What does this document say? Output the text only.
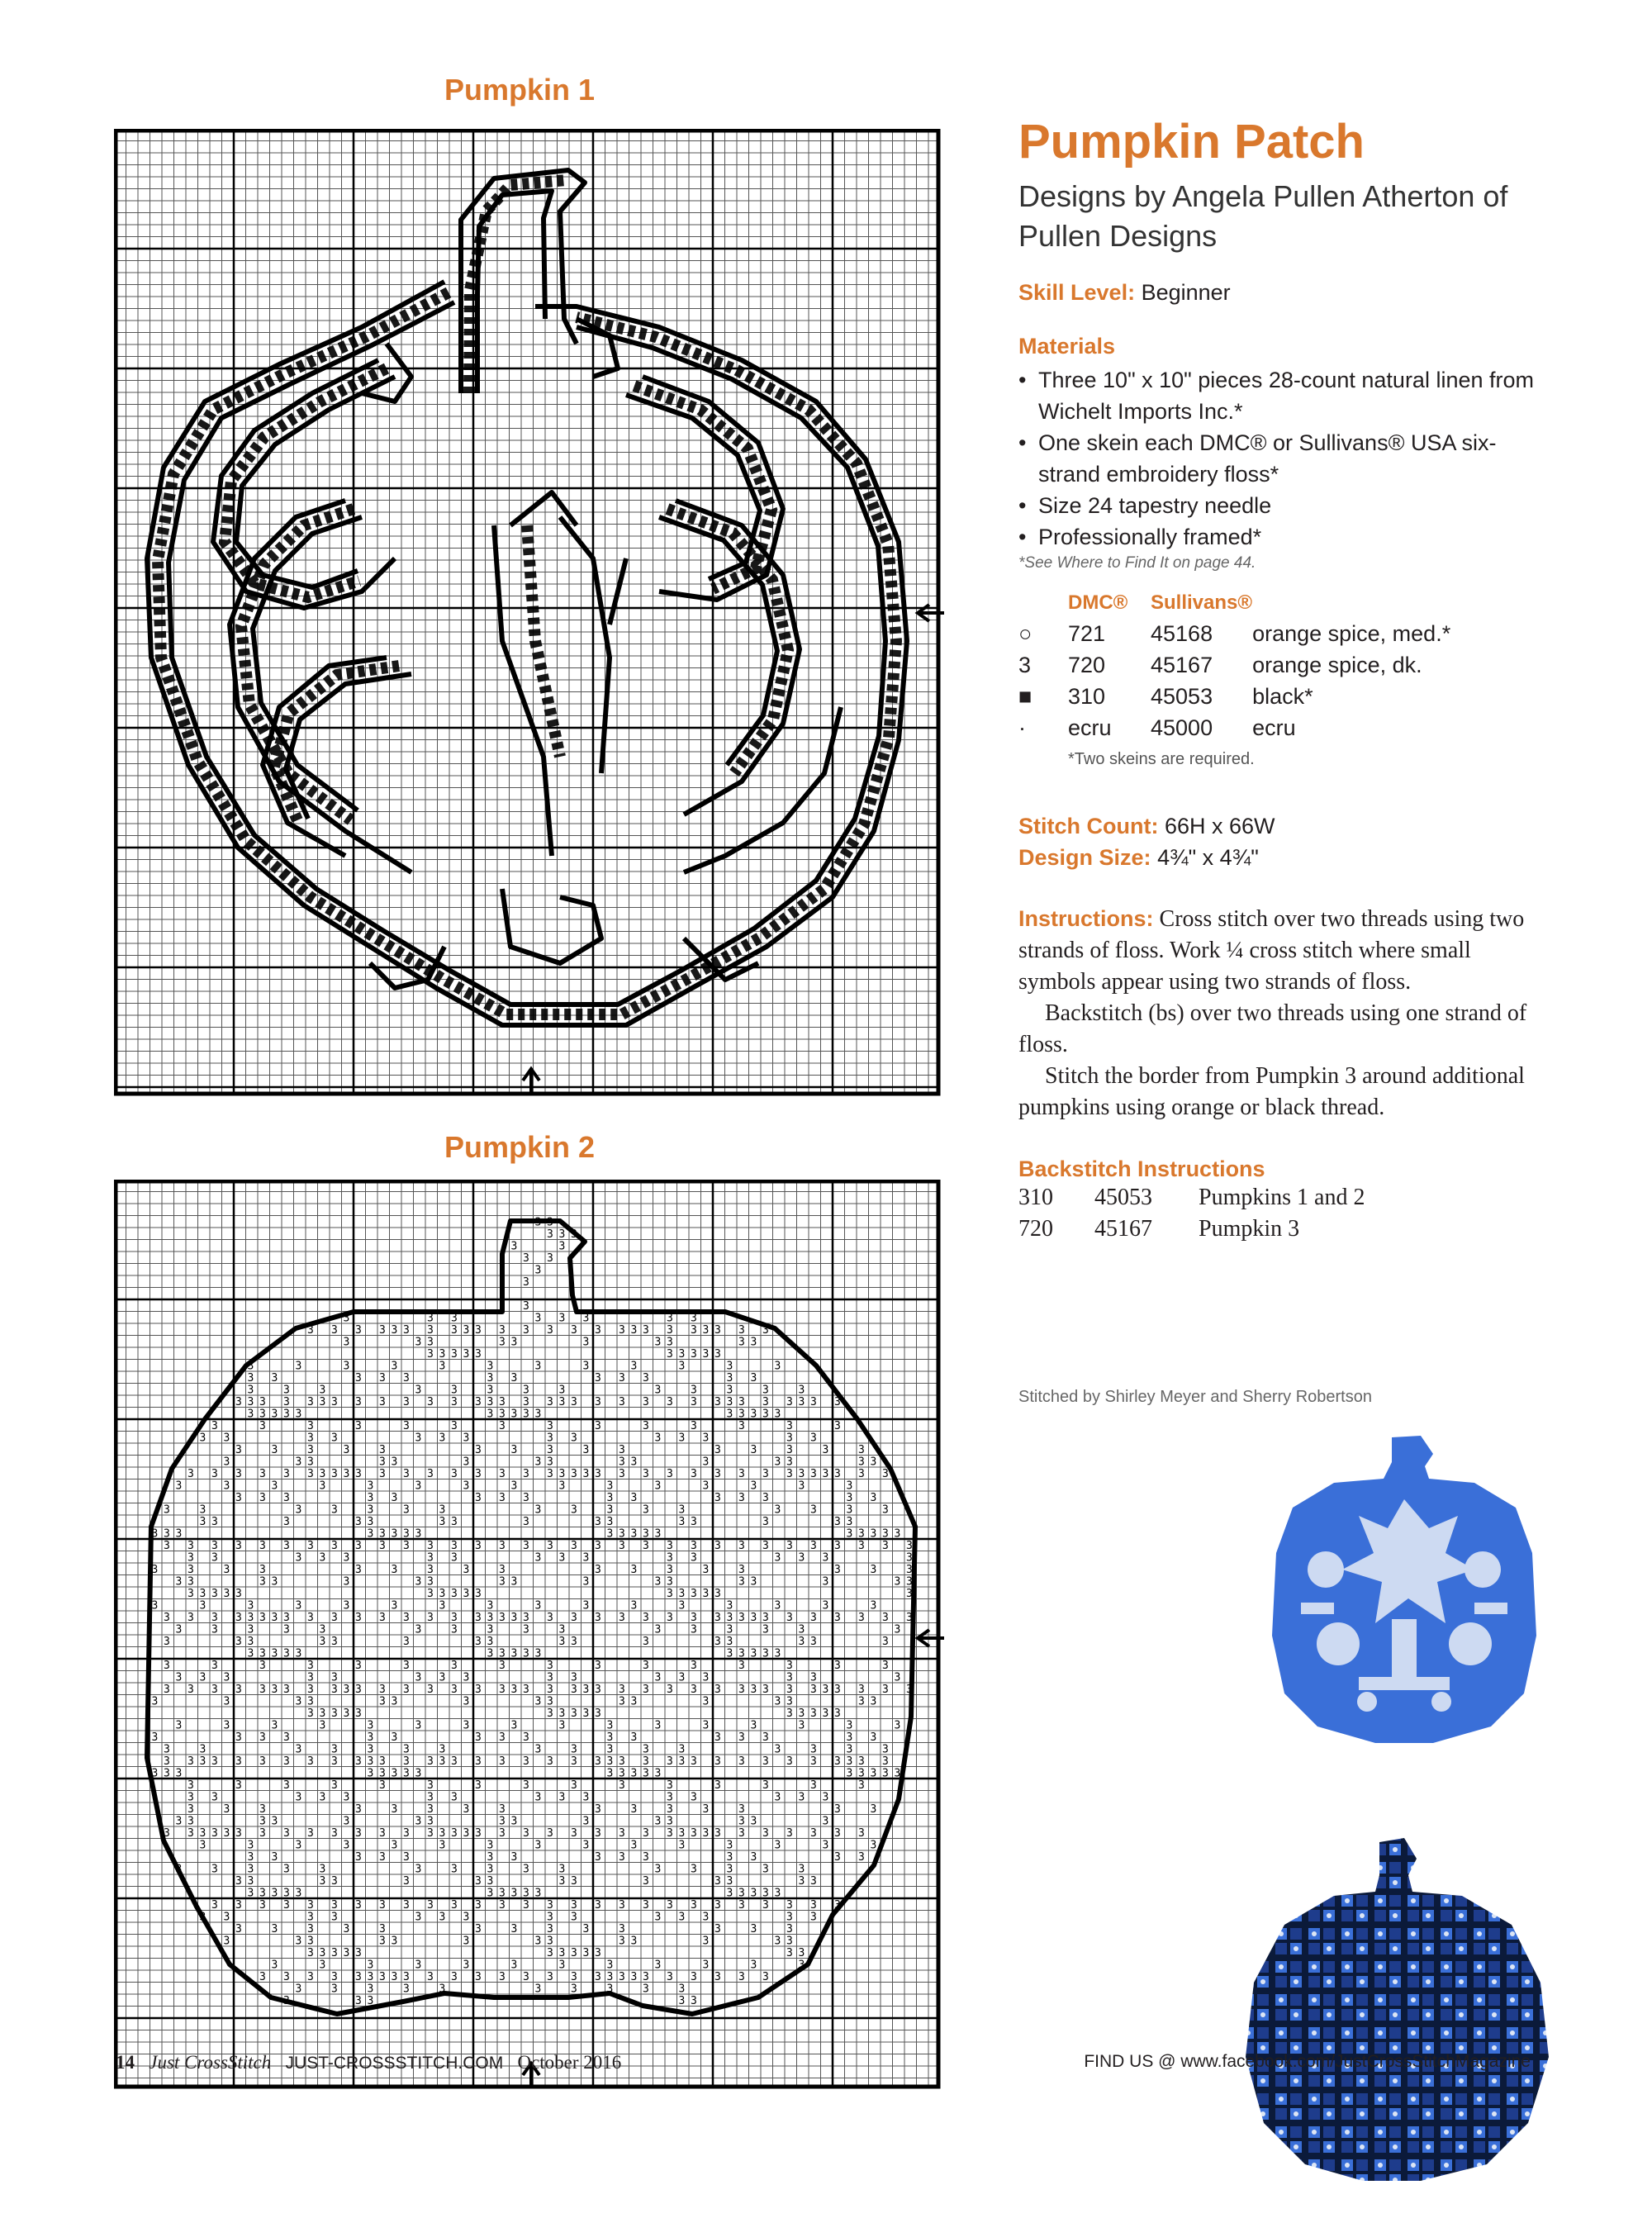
Pumpkin 1
Pumpkin 2
3 3
3 3 3
3	3
3 3 3
3
3
3
3	3 3	3 3 3	3 3
3 3 3 3 3 3 3 3 3 3 3 3 3 3 3 3 3 3 3 3 3 3 3 3
3	3 3	3 3	3	3 3	3 3
3 3 3 3 3	3 3 3 3 3
3	3	3	3	3	3	3	3	3	3	3	3
3 3	3 3 3	3 3	3 3 3	3 3
3	3	3	3	3	3	3	3	3	3	3	3	3
3 3 3 3 3 3 3 3 3 3 3 3 3 3 3 3 3 3 3 3 3 3 3 3 3 3 3 3 3 3 3 3
3 3 3 3 3	3 3 3 3 3	3 3 3 3 3
3	3	3	3	3	3	3	3	3	3	3	3	3	3
3 3	3 3	3 3 3	3 3	3 3 3	3 3
3	3	3	3	3	3	3	3	3	3	3	3	3	3	3
3	3 3	3 3	3	3 3	3 3	3	3 3	3 3
3 3 3 3 3 3 3 3 3 3 3 3 3 3 3 3 3 3 3 3 3 3 3 3 3 3 3 3 3 3 3 3 3 3 3 3
3	3	3	3	3	3	3	3	3	3	3	3	3	3	3
3 3 3	3 3	3 3 3	3 3	3 3 3	3 3
3	3	3	3	3	3	3	3	3	3	3	3	3	3	3	3
3 3	3	3 3	3 3	3	3 3	3 3	3	3 3
3 3 3	3 3 3 3 3	3 3 3 3 3	3 3 3 3 3
3 3 3 3 3 3 3 3 3 3 3 3 3 3 3 3 3 3 3 3 3 3 3 3 3 3 3 3 3 3 3 3
3 3	3 3 3	3 3	3 3 3	3 3	3 3 3	3
3	3	3	3	3	3	3	3	3	3	3	3	3	3	3	3	3
3 3	3 3	3	3 3	3 3	3	3 3	3 3	3	3 3
3 3 3 3 3	3 3 3 3 3	3 3 3 3 3	3
3	3	3	3	3	3	3	3	3	3	3	3	3	3	3	3
3 3 3 3 3 3 3 3 3 3 3 3 3 3 3 3 3 3 3 3 3 3 3 3 3 3 3 3 3 3 3 3 3 3 3 3 3 3
3	3	3	3	3	3	3	3	3	3	3	3	3	3	3	3
3	3 3	3 3	3	3 3	3 3	3	3 3	3 3	3
3 3 3 3 3	3 3 3 3 3	3 3 3 3 3
3	3	3	3	3	3	3	3	3	3	3	3	3	3	3	3
3 3 3	3 3	3 3 3	3 3	3 3 3	3 3	3
3 3 3 3 3 3 3 3 3 3 3 3 3 3 3 3 3 3 3 3 3 3 3 3 3 3 3 3 3 3 3 3 3 3 3 3 3 3
3	3	3 3	3 3	3	3 3	3 3	3	3 3	3 3
3 3 3 3 3	3 3 3 3 3	3 3 3 3 3
3	3	3	3	3	3	3	3	3	3	3	3	3	3	3	3
3	3 3 3	3 3	3 3 3	3 3	3 3 3	3 3
3	3	3	3	3	3	3	3	3	3	3	3	3	3	3	3
3 3 3 3 3 3 3 3 3 3 3 3 3 3 3 3 3 3 3 3 3 3 3 3 3 3 3 3 3 3 3 3 3 3 3 3 3
3 3 3	3 3 3 3 3	3 3 3 3 3	3 3 3 3 3
3	3	3	3	3	3	3	3	3	3	3	3	3	3	3
3 3	3 3 3	3 3	3 3 3	3 3	3 3 3
3	3	3	3	3	3	3	3	3	3	3	3	3	3	3
3 3	3 3	3	3 3	3 3	3	3 3	3 3	3
3 3 3 3 3 3 3 3 3 3 3 3 3 3 3 3 3 3 3 3 3 3 3 3 3 3 3 3 3 3 3 3 3 3 3 3
3	3	3	3	3	3	3	3	3	3	3	3	3	3	3
3 3	3 3 3	3 3	3 3 3	3 3	3 3
3	3	3	3	3	3	3	3	3	3	3	3	3	3	3
3 3	3 3	3	3 3	3 3	3	3 3	3 3
3 3 3 3 3	3 3 3 3 3	3 3 3 3 3
3 3 3 3 3 3 3 3 3 3 3 3 3 3 3 3 3 3 3 3 3 3 3 3 3 3 3
3 3	3 3	3 3 3	3 3	3 3 3	3 3
3	3	3	3	3	3	3	3	3	3	3	3	3
3	3 3	3 3	3	3 3	3 3	3	3 3
3 3 3 3 3	3 3 3 3 3	3 3
3	3	3	3	3	3	3	3	3	3	3	3
3 3 3 3 3 3 3 3 3 3 3 3 3 3 3 3 3 3 3 3 3 3 3 3 3 3
3	3	3	3	3	3	3	3	3	3
3	3 3	3 3
Pumpkin Patch

Designs by Angela Pullen Atherton of Pullen Designs

Skill Level: Beginner

Materials

• Three 10" x 10" pieces 28-count natural linen from Wichelt Imports Inc.*
• One skein each DMC® or Sullivans® USA six-strand embroidery floss*
• Size 24 tapestry needle
• Professionally framed*
*See Where to Find It on page 44.
	DMC®	Sullivans®	
○	721	45168	orange spice, med.*
3	720	45167	orange spice, dk.
■	310	45053	black*
·	ecru	45000	ecru
	*Two skeins are required.		

Stitch Count: 66H x 66W

Design Size: 4¾" x 4¾"

Instructions: Cross stitch over two threads using two strands of floss. Work ¼ cross stitch where small symbols appear using two strands of floss.

Backstitch (bs) over two threads using one strand of floss.

Stitch the border from Pumpkin 3 around additional pumpkins using orange or black thread.

Backstitch Instructions

310	45053	Pumpkins 1 and 2
720	45167	Pumpkin 3
Stitched by Shirley Meyer and Sherry Robertson
14 Just CrossStitch JUST-CROSSSTITCH.COM October 2016	FIND US @ www.facebook.com/JustCrossStitchMagazine
